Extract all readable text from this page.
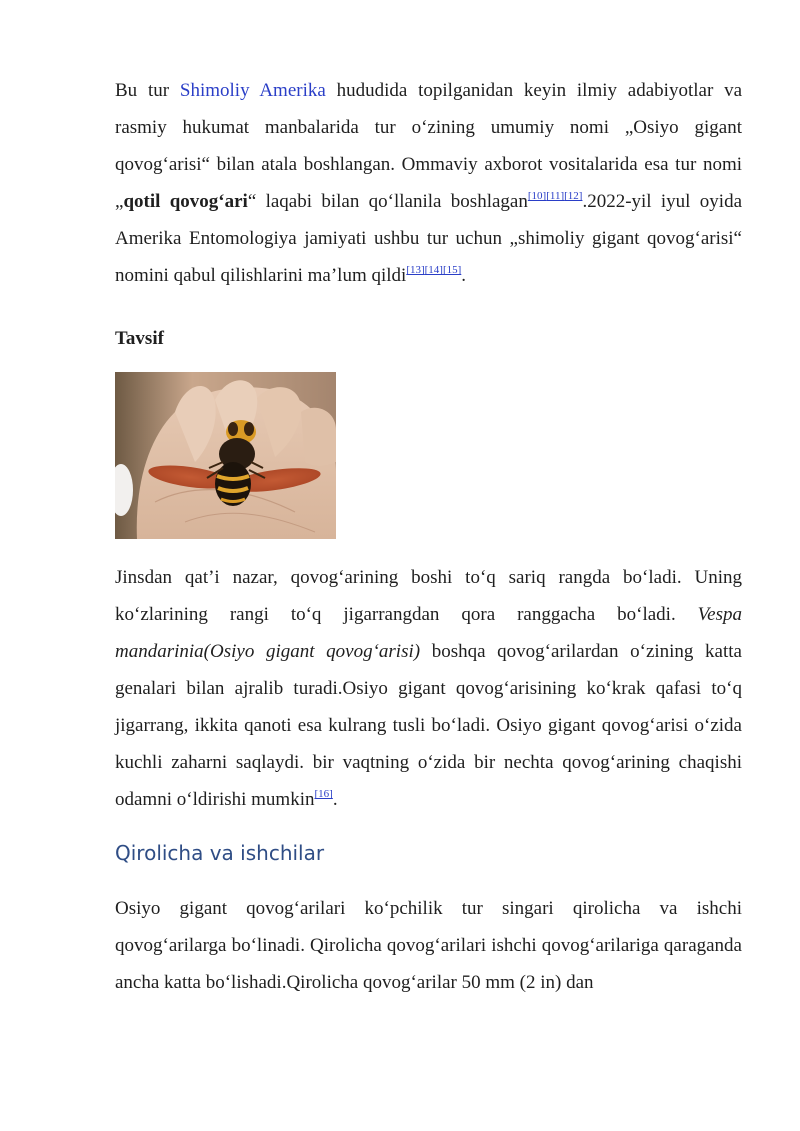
Bu tur Shimoliy Amerika hududida topilganidan keyin ilmiy adabiyotlar va rasmiy hukumat manbalarida tur o‘zining umumiy nomi „Osiyo gigant qovog‘arisi“ bilan atala boshlangan. Ommaviy axborot vositalarida esa tur nomi „qotil qovog‘ari“ laqabi bilan qo‘llanila boshlagan[10][11][12].2022-yil iyul oyida Amerika Entomologiya jamiyati ushbu tur uchun „shimoliy gigant qovog‘arisi“ nomini qabul qilishlarini ma’lum qildi[13][14][15].

Tavsif

Jinsdan qat’i nazar, qovog‘arining boshi to‘q sariq rangda bo‘ladi. Uning ko‘zlarining rangi to‘q jigarrangdan qora ranggacha bo‘ladi. Vespa mandarinia(Osiyo gigant qovog‘arisi) boshqa qovog‘arilardan o‘zining katta genalari bilan ajralib turadi.Osiyo gigant qovog‘arisining ko‘krak qafasi to‘q jigarrang, ikkita qanoti esa kulrang tusli bo‘ladi. Osiyo gigant qovog‘arisi o‘zida kuchli zaharni saqlaydi. bir vaqtning o‘zida bir nechta qovog‘arining chaqishi odamni o‘ldirishi mumkin[16].

Qirolicha va ishchilar

Osiyo gigant qovog‘arilari ko‘pchilik tur singari qirolicha va ishchi qovog‘arilarga bo‘linadi. Qirolicha qovog‘arilari ishchi qovog‘arilariga qaraganda ancha katta bo‘lishadi.Qirolicha qovog‘arilar 50 mm (2 in) dan
